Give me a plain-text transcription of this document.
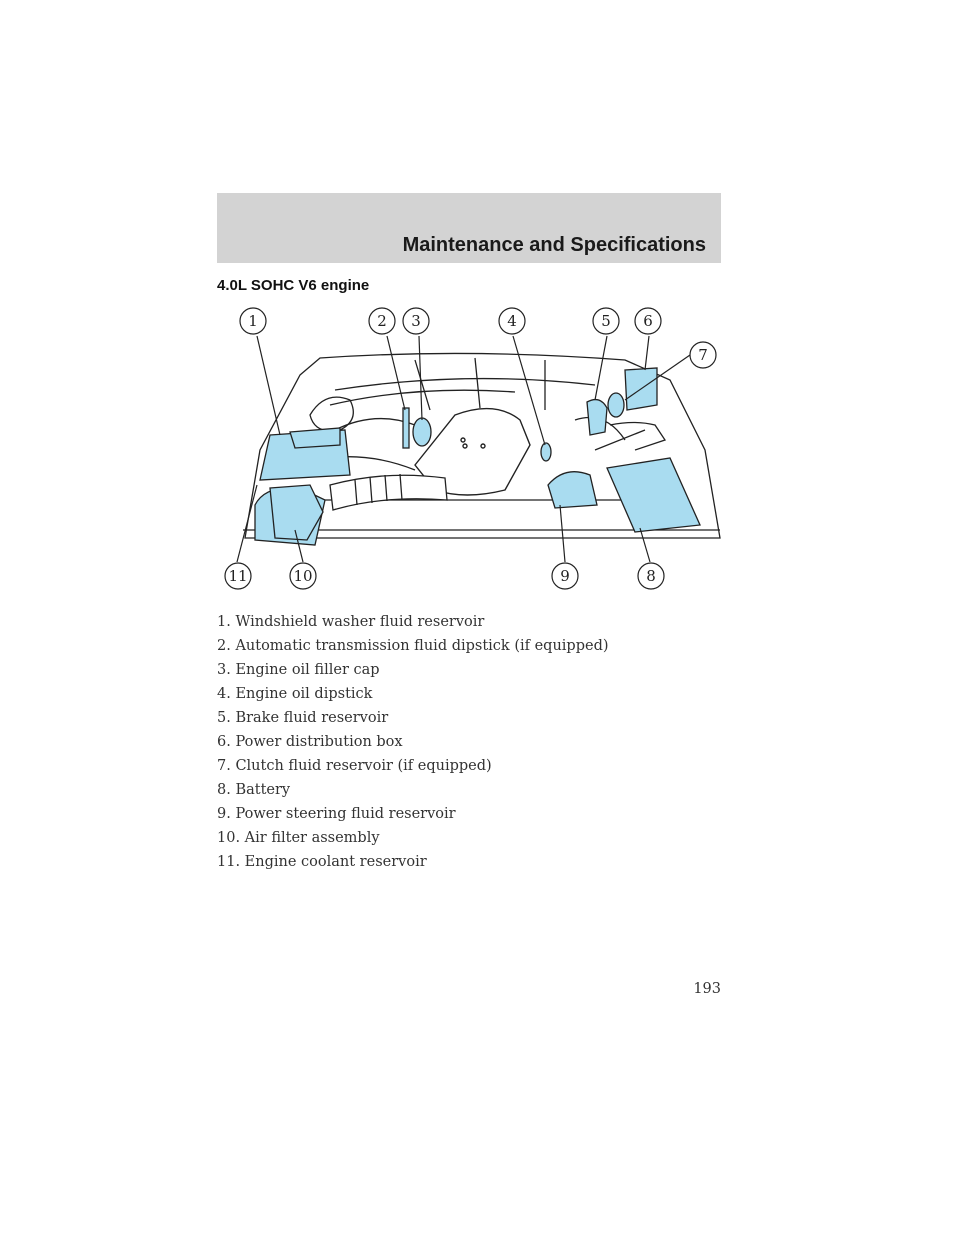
Maintenance and Specifications
4.0L SOHC V6 engine
1	2 3	4	5 6
7
8
9
10
11
1. Windshield washer fluid reservoir
2. Automatic transmission fluid dipstick (if equipped)
3. Engine oil filler cap
4. Engine oil dipstick
5. Brake fluid reservoir
6. Power distribution box
7. Clutch fluid reservoir (if equipped)
8. Battery
9. Power steering fluid reservoir
10. Air filter assembly
11. Engine coolant reservoir
193
